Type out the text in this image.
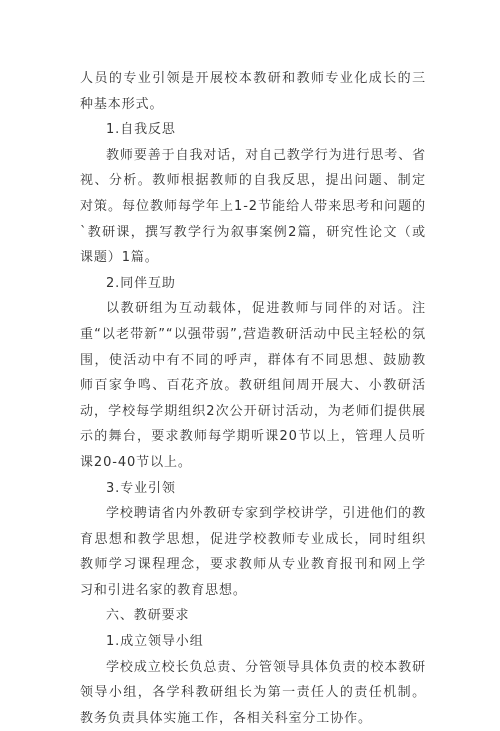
人员的专业引领是开展校本教研和教师专业化成长的三种基本形式。

1.自我反思

教师要善于自我对话，对自己教学行为进行思考、省视、分析。教师根据教师的自我反思，提出问题、制定对策。每位教师每学年上1-2节能给人带来思考和问题的`教研课，撰写教学行为叙事案例2篇，研究性论文（或课题）1篇。

2.同伴互助

以教研组为互动载体，促进教师与同伴的对话。注重“以老带新”“以强带弱”,营造教研活动中民主轻松的氛围，使活动中有不同的呼声，群体有不同思想、鼓励教师百家争鸣、百花齐放。教研组间周开展大、小教研活动，学校每学期组织2次公开研讨活动，为老师们提供展示的舞台，要求教师每学期听课20节以上，管理人员听课20-40节以上。

3.专业引领

学校聘请省内外教研专家到学校讲学，引进他们的教育思想和教学思想，促进学校教师专业成长，同时组织教师学习课程理念，要求教师从专业教育报刊和网上学习和引进名家的教育思想。

六、教研要求

1.成立领导小组

学校成立校长负总责、分管领导具体负责的校本教研领导小组，各学科教研组长为第一责任人的责任机制。教务负责具体实施工作，各相关科室分工协作。
